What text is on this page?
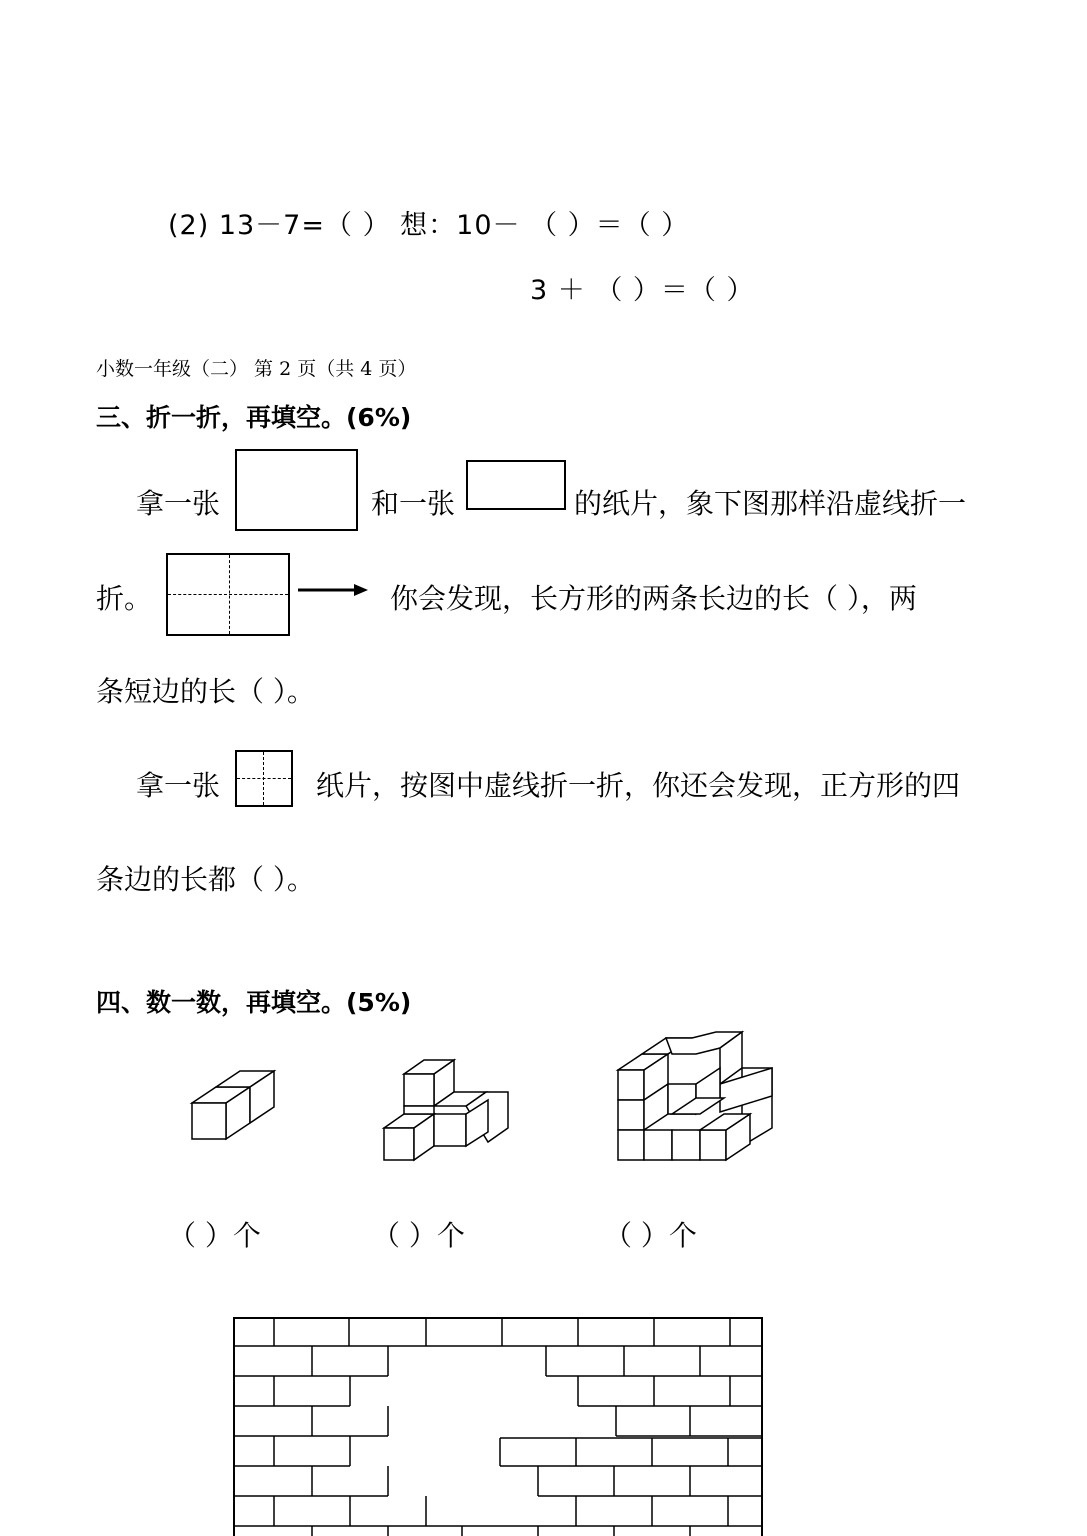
(2) 13－7=（ ） 想：10－ （ ）＝（ ）
3 ＋ （ ）＝（ ）
小数一年级（二） 第 2 页（共 4 页）
三、折一折，再填空。(6%)
拿一张	和一张	的纸片，象下图那样沿虚线折一
折。	你会发现，长方形的两条长边的长（ ），两
条短边的长（ ）。
拿一张	纸片，按图中虚线折一折，你还会发现，正方形的四
条边的长都（ ）。
四、数一数，再填空。(5%)
（ ）个	（ ）个	（ ）个
